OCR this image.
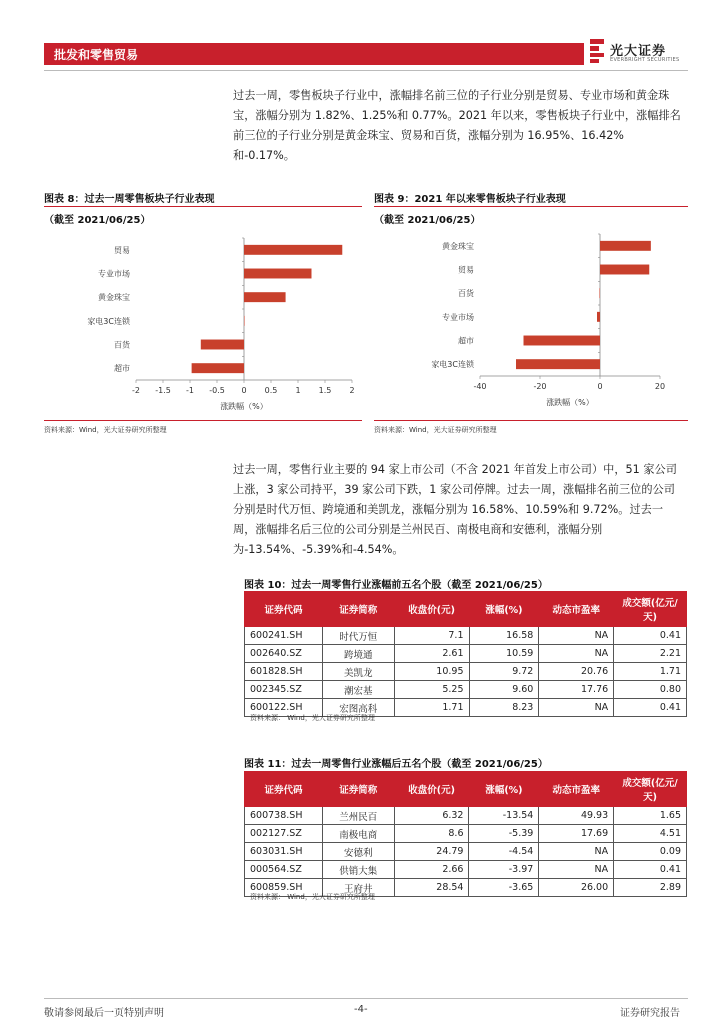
批发和零售贸易	光大证券
EVERBRIGHT SECURITIES

过去一周，零售板块子行业中，涨幅排名前三位的子行业分别是贸易、专业市场和黄金珠宝，涨幅分别为 1.82%、1.25%和 0.77%。2021 年以来，零售板块子行业中，涨幅排名前三位的子行业分别是黄金珠宝、贸易和百货，涨幅分别为 16.95%、16.42%和-0.17%。

图表 8：过去一周零售板块子行业表现
（截至 2021/06/25）
贸易
专业市场
黄金珠宝
家电3C连锁
百货
超市
-2 -1.5 -1 -0.5 0 0.5 1 1.5 2
涨跌幅（%）
资料来源：Wind，光大证券研究所整理
图表 9：2021 年以来零售板块子行业表现
（截至 2021/06/25）
黄金珠宝
贸易
百货
专业市场
超市
家电3C连锁
-40	-20	0	20
涨跌幅（%）
资料来源：Wind，光大证券研究所整理

过去一周，零售行业主要的 94 家上市公司（不含 2021 年首发上市公司）中，51 家公司上涨，3 家公司持平，39 家公司下跌，1 家公司停牌。过去一周，涨幅排名前三位的公司分别是时代万恒、跨境通和美凯龙，涨幅分别为 16.58%、10.59%和 9.72%。过去一周，涨幅排名后三位的公司分别是兰州民百、南极电商和安德利，涨幅分别为-13.54%、-5.39%和-4.54%。

图表 10：过去一周零售行业涨幅前五名个股（截至 2021/06/25）
证券代码	证券简称	收盘价(元)	涨幅(%)	动态市盈率	成交额(亿元/天)
600241.SH	时代万恒	7.1	16.58	NA	0.41
002640.SZ	跨境通	2.61	10.59	NA	2.21
601828.SH	美凯龙	10.95	9.72	20.76	1.71
002345.SZ	潮宏基	5.25	9.60	17.76	0.80
600122.SH	宏图高科	1.71	8.23	NA	0.41
资料来源： Wind，光大证券研究所整理
图表 11：过去一周零售行业涨幅后五名个股（截至 2021/06/25）
证券代码	证券简称	收盘价(元)	涨幅(%)	动态市盈率	成交额(亿元/天)
600738.SH	兰州民百	6.32	-13.54	49.93	1.65
002127.SZ	南极电商	8.6	-5.39	17.69	4.51
603031.SH	安德利	24.79	-4.54	NA	0.09
000564.SZ	供销大集	2.66	-3.97	NA	0.41
600859.SH	王府井	28.54	-3.65	26.00	2.89
资料来源： Wind，光大证券研究所整理
敬请参阅最后一页特别声明	-4-	证券研究报告
